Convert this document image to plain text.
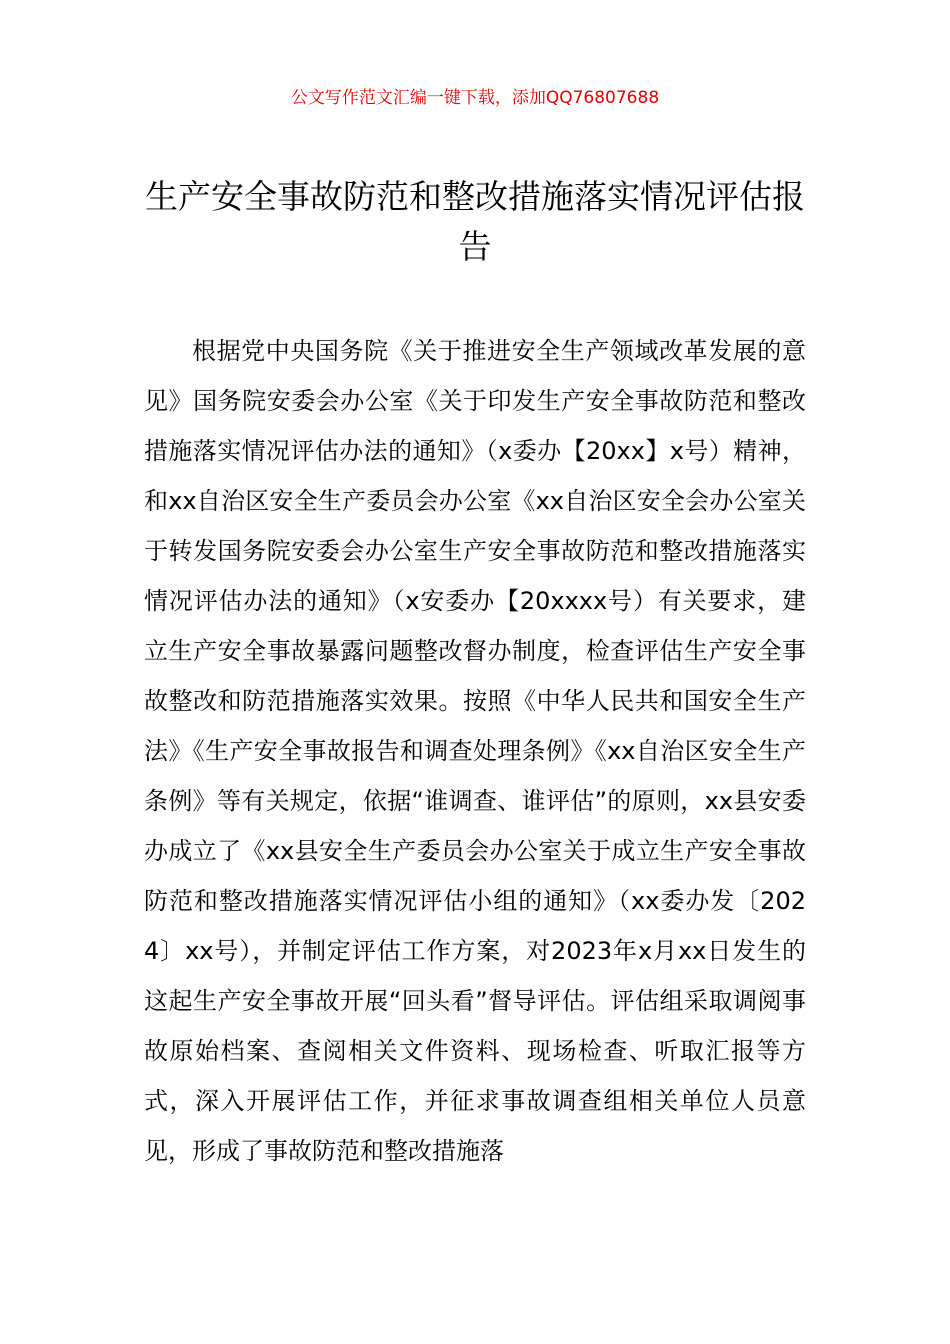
公文写作范文汇编一键下载，添加QQ76807688
生产安全事故防范和整改措施落实情况评估报告

根据党中央国务院《关于推进安全生产领域改革发展的意见》国务院安委会办公室《关于印发生产安全事故防范和整改措施落实情况评估办法的通知》（x委办【20xx】x号）精神，和xx自治区安全生产委员会办公室《xx自治区安全会办公室关于转发国务院安委会办公室生产安全事故防范和整改措施落实情况评估办法的通知》（x安委办【20xxxx号）有关要求，建立生产安全事故暴露问题整改督办制度，检查评估生产安全事故整改和防范措施落实效果。按照《中华人民共和国安全生产法》《生产安全事故报告和调查处理条例》《xx自治区安全生产条例》等有关规定，依据“谁调查、谁评估”的原则，xx县安委办成立了《xx县安全生产委员会办公室关于成立生产安全事故防范和整改措施落实情况评估小组的通知》（xx委办发〔2024〕xx号），并制定评估工作方案，对2023年x月xx日发生的这起生产安全事故开展“回头看”督导评估。评估组采取调阅事故原始档案、查阅相关文件资料、现场检查、听取汇报等方式，深入开展评估工作，并征求事故调查组相关单位人员意见，形成了事故防范和整改措施落
